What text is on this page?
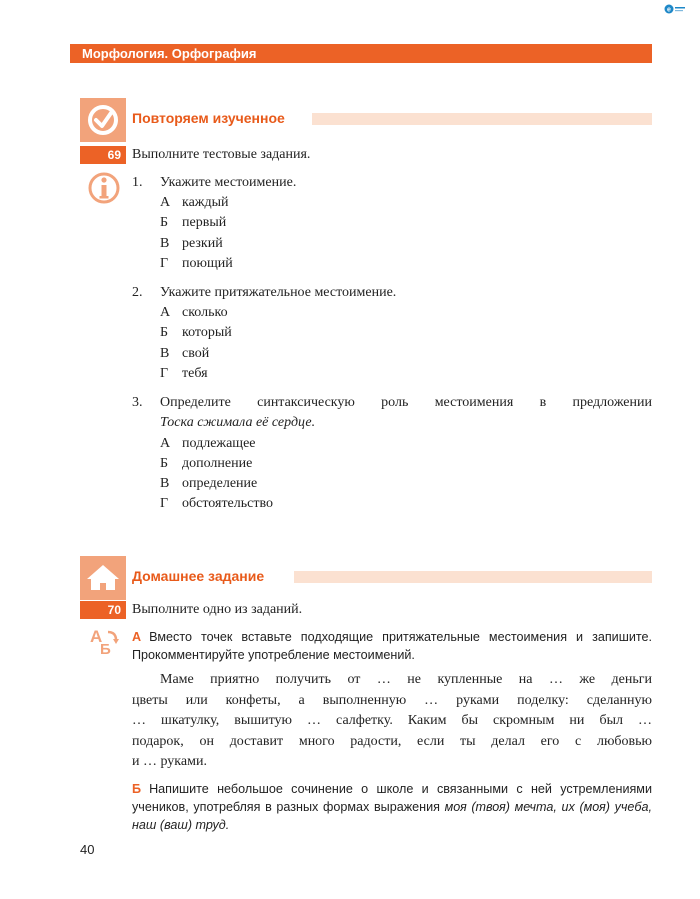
e
Морфология. Орфография
Повторяем изученное
69 Выполните тестовые задания.
1.	Укажите местоимение.
А каждый
Б первый
В резкий
Г поющий
2.	Укажите притяжательное местоимение.
А сколько
Б который
В свой
Г тебя
3.	Определите синтаксическую роль местоимения в предложении
Тоска сжимала её сердце.
А подлежащее
Б дополнение
В определение
Г обстоятельство
Домашнее задание
70 Выполните одно из заданий.
A
Б
А Вместо точек вставьте подходящие притяжательные местоимения и запишите. Прокомментируйте употребление местоимений.
Маме приятно получить от … не купленные на … же деньги
цветы или конфеты, а выполненную … руками поделку: сделанную
… шкатулку, вышитую … салфетку. Каким бы скромным ни был …
подарок, он доставит много радости, если ты делал его с любовью
и … руками.
Б Напишите небольшое сочинение о школе и связанными с ней устремлениями учеников, употребляя в разных формах выражения моя (твоя) мечта, их (моя) учеба, наш (ваш) труд.
40
